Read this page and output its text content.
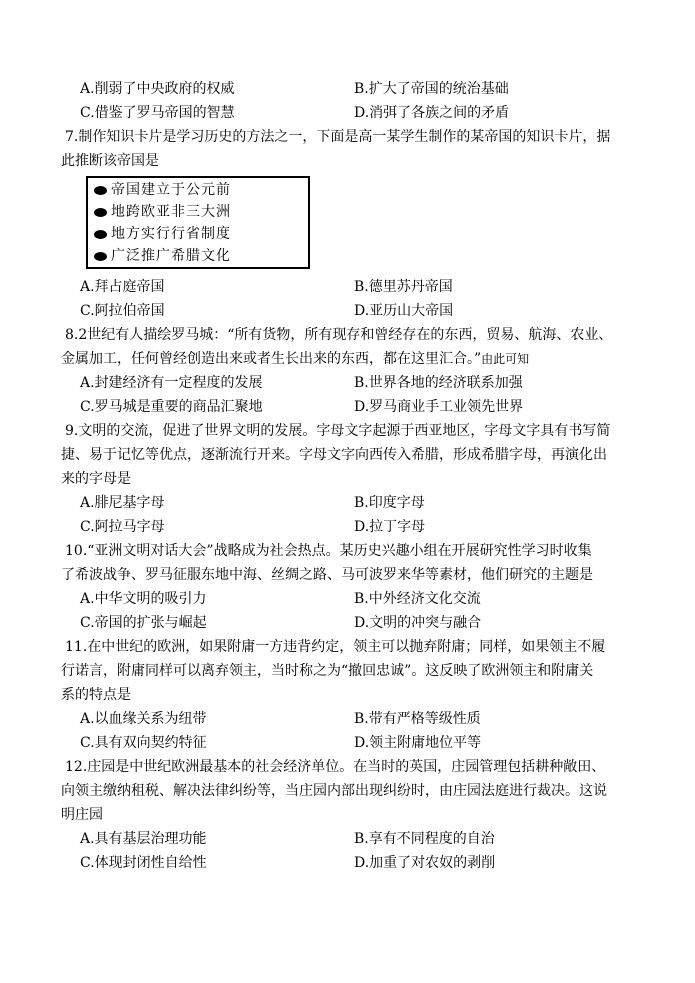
A.削弱了中央政府的权威	B.扩大了帝国的统治基础
C.借鉴了罗马帝国的智慧	D.消弭了各族之间的矛盾
7.制作知识卡片是学习历史的方法之一，下面是高一某学生制作的某帝国的知识卡片，据
此推断该帝国是
帝国建立于公元前
地跨欧亚非三大洲
地方实行行省制度
广泛推广希腊文化
A.拜占庭帝国	B.德里苏丹帝国
C.阿拉伯帝国	D.亚历山大帝国
8.2世纪有人描绘罗马城：“所有货物，所有现存和曾经存在的东西，贸易、航海、农业、
金属加工，任何曾经创造出来或者生长出来的东西，都在这里汇合。”由此可知
A.封建经济有一定程度的发展	B.世界各地的经济联系加强
C.罗马城是重要的商品汇聚地	D.罗马商业手工业领先世界
9.文明的交流，促进了世界文明的发展。字母文字起源于西亚地区，字母文字具有书写简
捷、易于记忆等优点，逐渐流行开来。字母文字向西传入希腊，形成希腊字母，再演化出
来的字母是
A.腓尼基字母	B.印度字母
C.阿拉马字母	D.拉丁字母
10.“亚洲文明对话大会”战略成为社会热点。某历史兴趣小组在开展研究性学习时收集
了希波战争、罗马征服东地中海、丝绸之路、马可波罗来华等素材，他们研究的主题是
A.中华文明的吸引力	B.中外经济文化交流
C.帝国的扩张与崛起	D.文明的冲突与融合
11.在中世纪的欧洲，如果附庸一方违背约定，领主可以抛弃附庸；同样，如果领主不履
行诺言，附庸同样可以离弃领主，当时称之为“撤回忠诚”。这反映了欧洲领主和附庸关
系的特点是
A.以血缘关系为纽带	B.带有严格等级性质
C.具有双向契约特征	D.领主附庸地位平等
12.庄园是中世纪欧洲最基本的社会经济单位。在当时的英国，庄园管理包括耕种敞田、
向领主缴纳租税、解决法律纠纷等，当庄园内部出现纠纷时，由庄园法庭进行裁决。这说
明庄园
A.具有基层治理功能	B.享有不同程度的自治
C.体现封闭性自给性	D.加重了对农奴的剥削
